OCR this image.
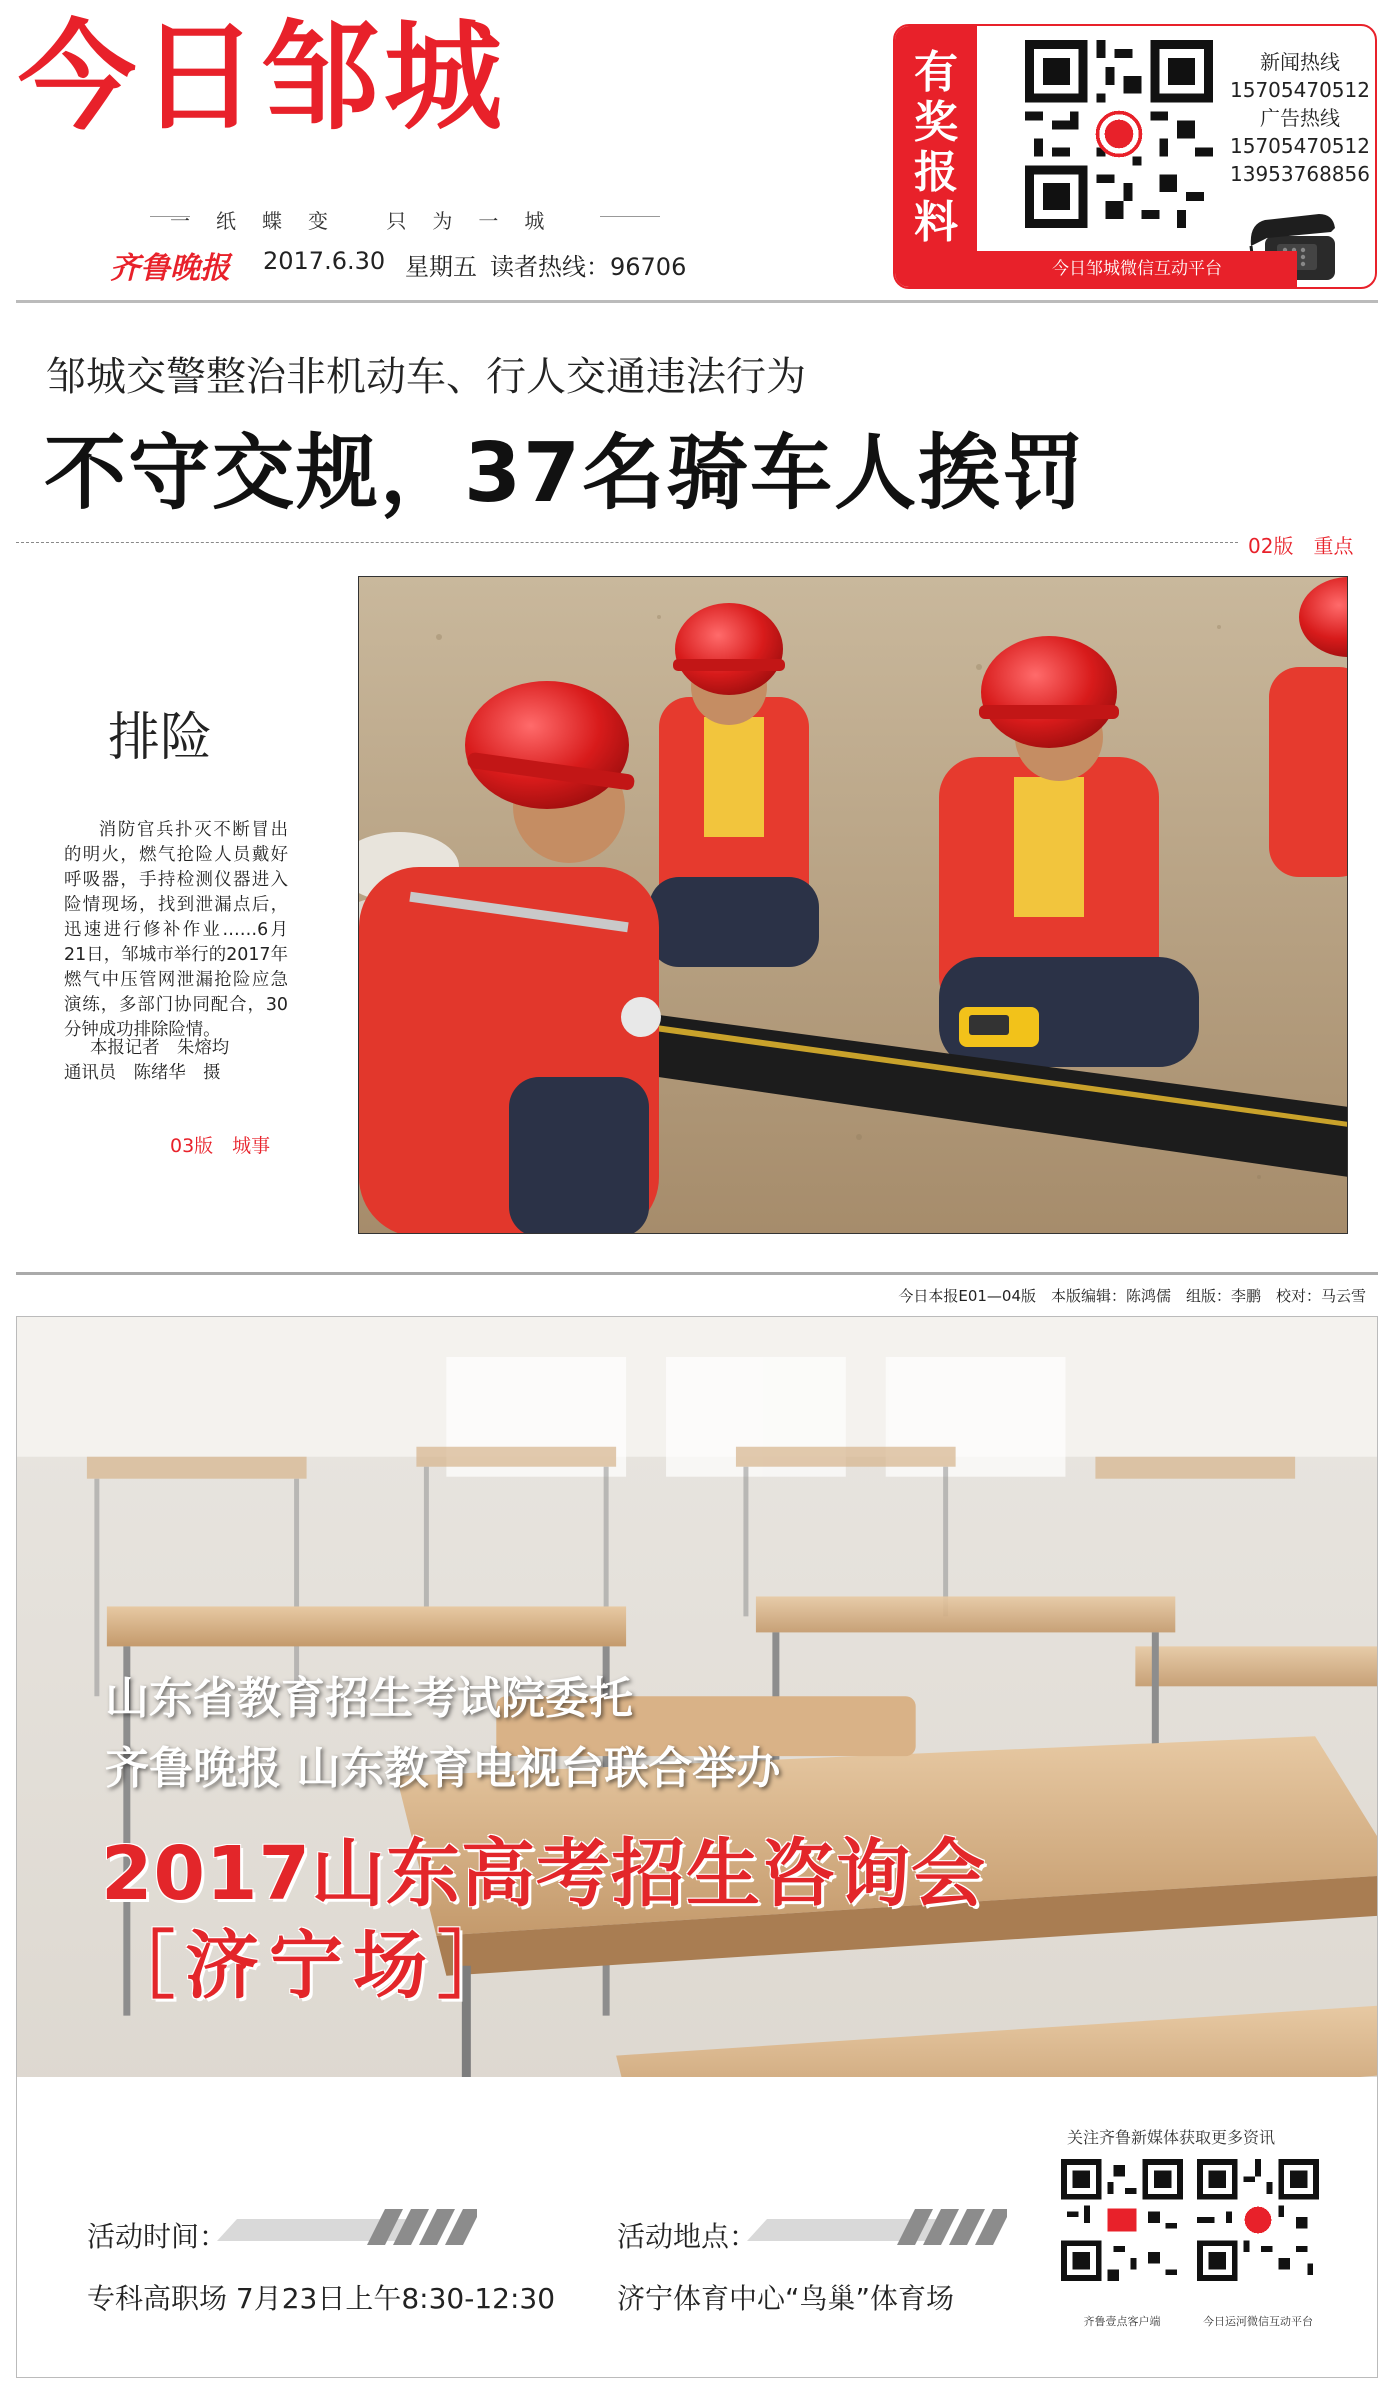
今日邹城
一纸蝶变 只为一城
齐鲁晚报 2017.6.30 星期五 读者热线：96706
有奖报料
新闻热线
15705470512
广告热线
15705470512
13953768856
今日邹城微信互动平台
邹城交警整治非机动车、行人交通违法行为
不守交规，37名骑车人挨罚
02版　重点
排险
消防官兵扑灭不断冒出的明火，燃气抢险人员戴好呼吸器，手持检测仪器进入险情现场，找到泄漏点后，迅速进行修补作业……6月21日，邹城市举行的2017年燃气中压管网泄漏抢险应急演练，多部门协同配合，30分钟成功排除险情。
本报记者　朱熔均
通讯员　陈绪华　摄
03版　城事
今日本报E01—04版　本版编辑：陈鸿儒　组版：李鹏　校对：马云雪
山东省教育招生考试院委托
齐鲁晚报 山东教育电视台联合举办
2017山东高考招生咨询会
［济宁场］
活动时间：
专科高职场 7月23日上午8:30-12:30
活动地点：
济宁体育中心“鸟巢”体育场
关注齐鲁新媒体获取更多资讯
齐鲁壹点客户端	今日运河微信互动平台
